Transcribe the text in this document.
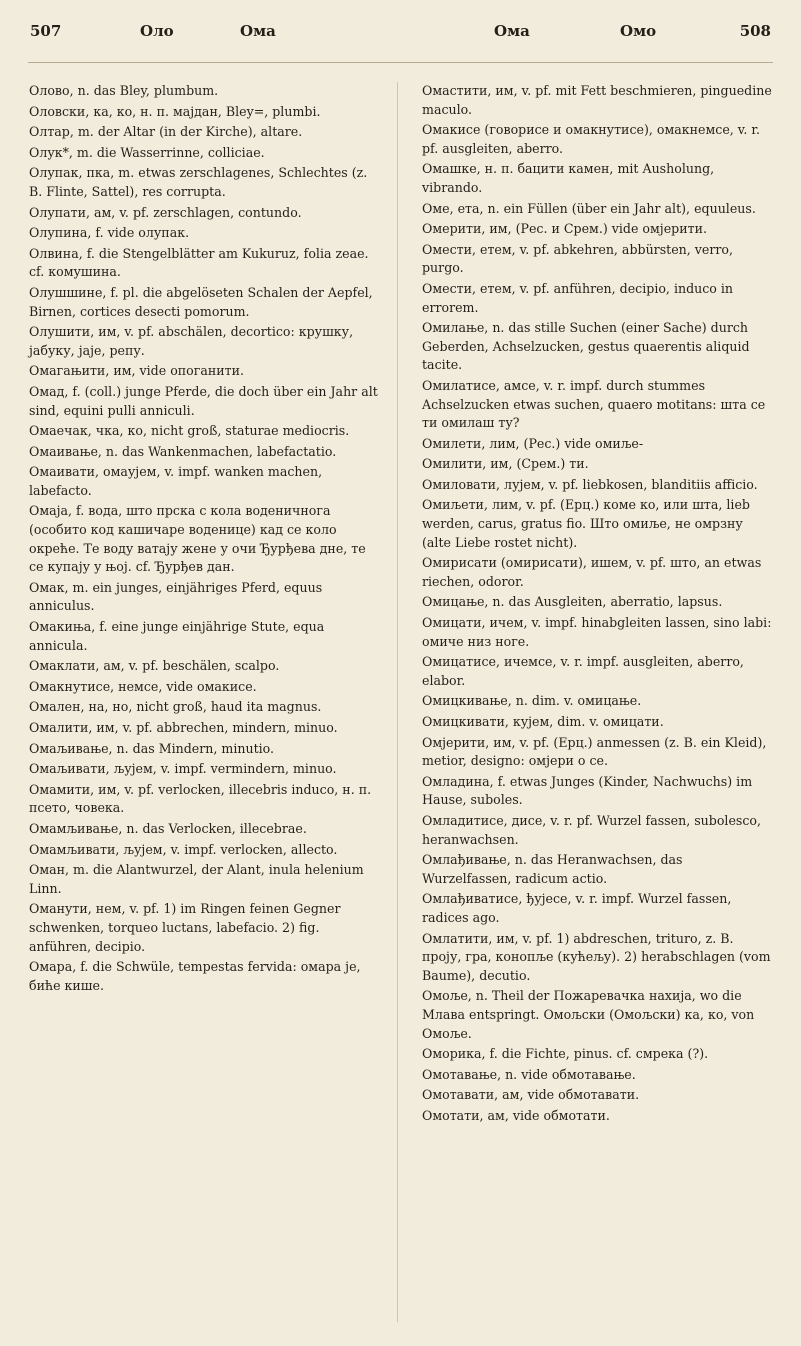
507	Оло	Ома	Ома	Омо	508

Олово, n. das Bley, plumbum.

Оловски, ка, ко, н. п. мајдан, Bley=, plumbi.

Олтар, m. der Altar (in der Kirche), altare.

Олук*, m. die Wasserrinne, colliciae.

Олупак, пка, m. etwas zerschlagenes, Schlechtes (z. B. Flinte, Sattel), res corrupta.

Олупати, ам, v. pf. zerschlagen, contundo.

Олупина, f. vide олупак.

Олвина, f. die Stengelblätter am Kukuruz, folia zeae. cf. комушина.

Олушшине, f. pl. die abgelöseten Schalen der Aepfel, Birnen, cortices desecti pomorum.

Олушити, им, v. pf. abschälen, decortico: крушку, јабуку, јаје, репу.

Омагањити, им, vide опоганити.

Омад, f. (coll.) junge Pferde, die doch über ein Jahr alt sind, equini pulli anniculi.

Омаечак, чка, ко, nicht groß, staturae mediocris.

Омаивање, n. das Wankenmachen, labefactatio.

Омаивати, омаујем, v. impf. wanken machen, labefacto.

Омаја, f. вода, што прска с кола воденичнога (особито код кашичаре воденице) кад се коло окреће. Те воду ватају жене у очи Ђурђева дне, те се купају у њој. cf. Ђурђев дан.

Омак, m. ein junges, einjähriges Pferd, equus anniculus.

Омакиња, f. eine junge einjährige Stute, equa annicula.

Омаклати, ам, v. pf. beschälen, scalpo.

Омакнутисе, немсе, vide омакисе.

Омален, на, но, nicht groß, haud ita magnus.

Омалити, им, v. pf. abbrechen, mindern, minuo.

Омаљивање, n. das Mindern, minutio.

Омаљивати, љујем, v. impf. vermindern, minuo.

Омамити, им, v. pf. verlocken, illecebris induco, н. п. псето, човека.

Омамљивање, n. das Verlocken, illecebrae.

Омамљивати, љујем, v. impf. verlocken, allecto.

Оман, m. die Alantwurzel, der Alant, inula helenium Linn.

Оманути, нем, v. pf. 1) im Ringen feinen Gegner schwenken, torqueo luctans, labefacio. 2) fig. anführen, decipio.

Омара, f. die Schwüle, tempestas fervida: омара је, биће кише.

Омастити, им, v. pf. mit Fett beschmieren, pinguedine maculo.

Омакисе (говорисе и омакнутисе), омакнемсе, v. r. pf. ausgleiten, aberro.

Омашке, н. п. бацити камен, mit Ausholung, vibrando.

Оме, ета, n. ein Füllen (über ein Jahr alt), equuleus.

Омерити, им, (Рес. и Срем.) vide омјерити.

Омести, етем, v. pf. abkehren, abbürsten, verro, purgo.

Омести, етем, v. pf. anführen, decipio, induco in errorem.

Омилање, n. das stille Suchen (einer Sache) durch Geberden, Achselzucken, gestus quaerentis aliquid tacite.

Омилатисе, амсе, v. r. impf. durch stummes Achselzucken etwas suchen, quaero motitans: шта се ти омилаш ту?

Омилети, лим, (Рес.) vide омиље-

Омилити, им, (Срем.) ти.

Омиловати, лујем, v. pf. liebkosen, blanditiis afficio.

Омиљети, лим, v. pf. (Ерц.) коме ко, или шта, lieb werden, carus, gratus fio. Што омиље, не омрзну (alte Liebe rostet nicht).

Омирисати (омирисати), ишем, v. pf. што, an etwas riechen, odoror.

Омицање, n. das Ausgleiten, aberratio, lapsus.

Омицати, ичем, v. impf. hinabgleiten lassen, sino labi: омиче низ ноге.

Омицатисе, ичемсе, v. r. impf. ausgleiten, aberro, elabor.

Омицкивање, n. dim. v. омицање.

Омицкивати, кујем, dim. v. омицати.

Омјерити, им, v. pf. (Ерц.) anmessen (z. B. ein Kleid), metior, designo: омјери о се.

Омладина, f. etwas Junges (Kinder, Nachwuchs) im Hause, suboles.

Омладитисе, дисе, v. r. pf. Wurzel fassen, subolesco, heranwachsen.

Омлађивање, n. das Heranwachsen, das Wurzelfassen, radicum actio.

Омлађиватисе, ђујесе, v. r. impf. Wurzel fassen, radices ago.

Омлатити, им, v. pf. 1) abdreschen, trituro, z. B. проју, гра, конопље (кућељу). 2) herabschlagen (vom Baume), decutio.

Омоље, n. Theil der Пожаревачка нахија, wo die Млава entspringt. Омољски (Омољски) ка, ко, von Омоље.

Оморика, f. die Fichte, pinus. cf. смрека (?).

Омотавање, n. vide обмотавање.

Омотавати, ам, vide обмотавати.

Омотати, ам, vide обмотати.
